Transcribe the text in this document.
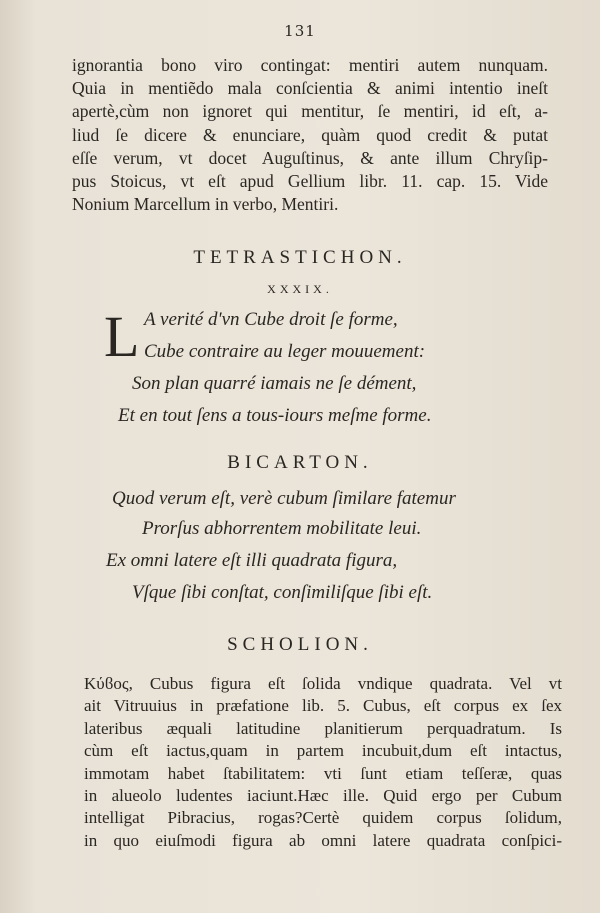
131
ignorantia bono viro contingat: mentiri autem nunquam.
Quia in mentiẽdo mala conſcientia & animi intentio ineſt
apertè,cùm non ignoret qui mentitur, ſe mentiri, id eſt, a-
liud ſe dicere & enunciare, quàm quod credit & putat
eſſe verum, vt docet Auguſtinus, & ante illum Chryſip-
pus Stoicus, vt eſt apud Gellium libr. 11. cap. 15. Vide
Nonium Marcellum in verbo, Mentiri.
TETRASTICHON.
XXXIX.
L A verité d'vn Cube droit ſe forme,
Cube contraire au leger mouuement:
Son plan quarré iamais ne ſe dément,
Et en tout ſens a tous-iours meſme forme.
BICARTON.
Quod verum eſt, verè cubum ſimilare fatemur
Prorſus abhorrentem mobilitate leui.
Ex omni latere eſt illi quadrata figura,
Vſque ſibi conſtat, conſimiliſque ſibi eſt.
SCHOLION.
Κύϐος, Cubus figura eſt ſolida vndique quadrata. Vel vt
ait Vitruuius in præfatione lib. 5. Cubus, eſt corpus ex ſex
lateribus æquali latitudine planitierum perquadratum. Is
cùm eſt iactus,quam in partem incubuit,dum eſt intactus,
immotam habet ſtabilitatem: vti ſunt etiam teſſeræ, quas
in alueolo ludentes iaciunt.Hæc ille. Quid ergo per Cubum
intelligat Pibracius, rogas?Certè quidem corpus ſolidum,
in quo eiuſmodi figura ab omni latere quadrata conſpici-
